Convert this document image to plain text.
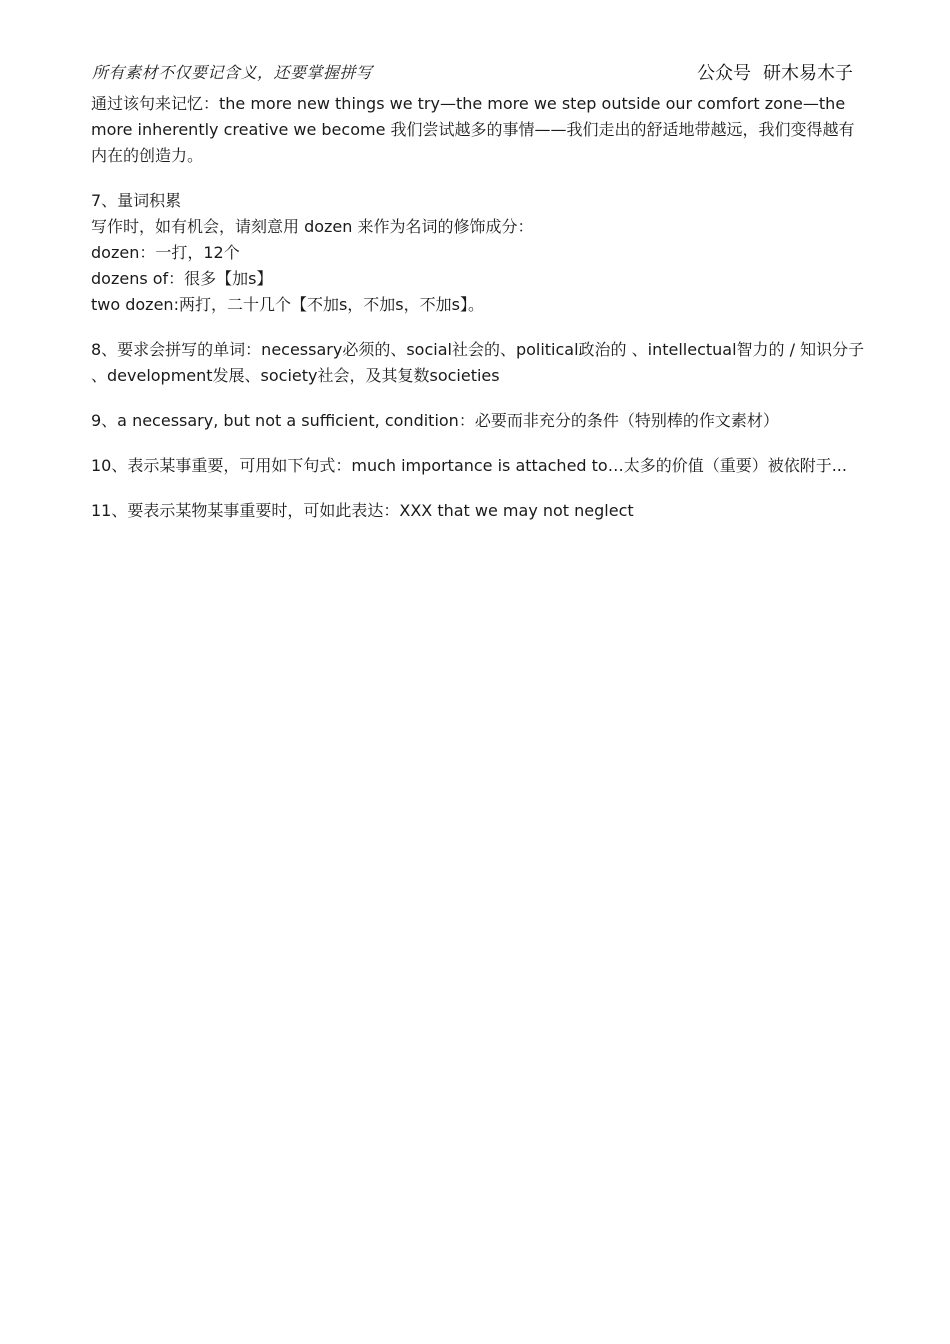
所有素材不仅要记含义，还要掌握拼写	公众号 研木易木子
通过该句来记忆：the more new things we try—the more we step outside our comfort zone—the more inherently creative we become 我们尝试越多的事情——我们走出的舒适地带越远，我们变得越有内在的创造力。
7、量词积累
写作时，如有机会，请刻意用 dozen 来作为名词的修饰成分：
dozen：一打，12个
dozens of：很多【加s】
two dozen:两打，二十几个【不加s，不加s，不加s】。
8、要求会拼写的单词：necessary必须的、social社会的、political政治的 、intellectual智力的 / 知识分子 、development发展、society社会，及其复数societies
9、a necessary, but not a sufficient, condition：必要而非充分的条件（特别棒的作文素材）
10、表示某事重要，可用如下句式：much importance is attached to…太多的价值（重要）被依附于...
11、要表示某物某事重要时，可如此表达：XXX that we may not neglect
